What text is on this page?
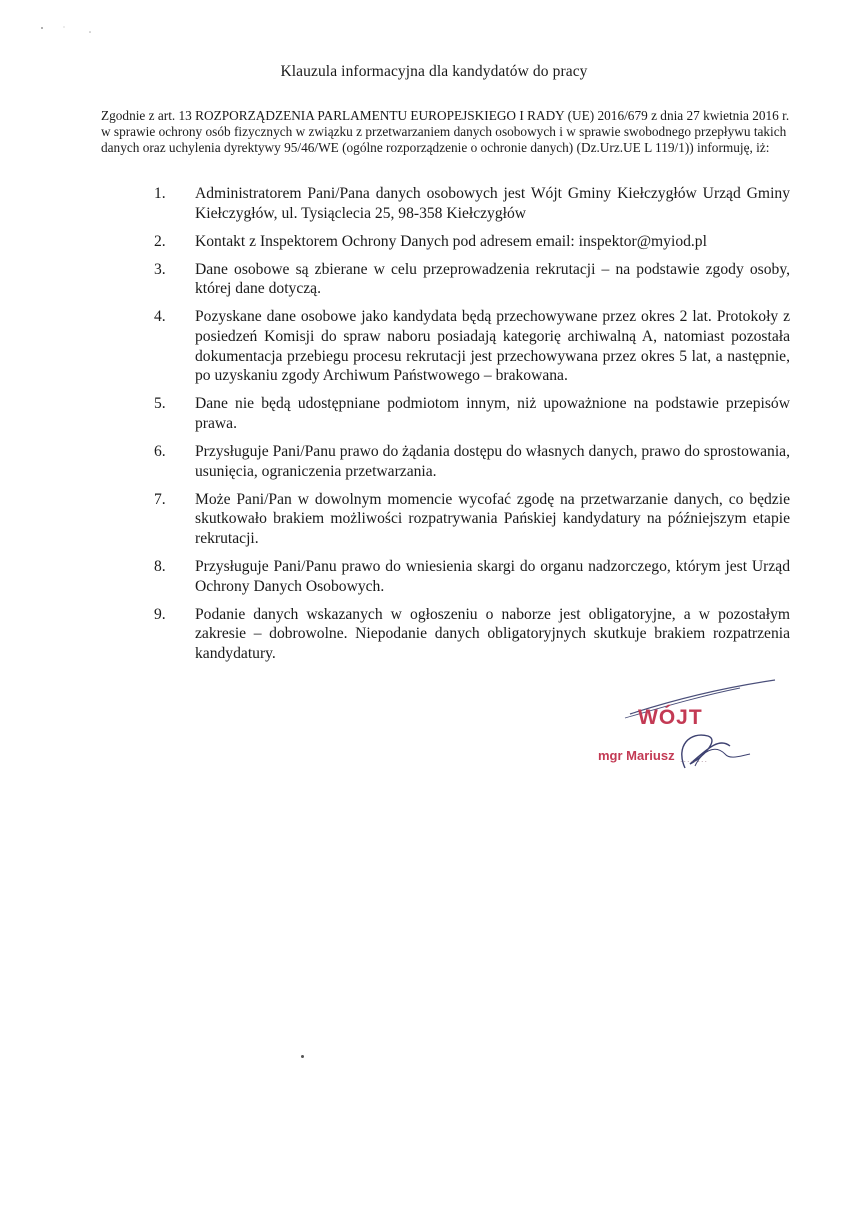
Klauzula informacyjna dla kandydatów do pracy
Zgodnie z art. 13 ROZPORZĄDZENIA PARLAMENTU EUROPEJSKIEGO I RADY (UE) 2016/679 z dnia 27 kwietnia 2016 r. w sprawie ochrony osób fizycznych w związku z przetwarzaniem danych osobowych i w sprawie swobodnego przepływu takich danych oraz uchylenia dyrektywy 95/46/WE (ogólne rozporządzenie o ochronie danych) (Dz.Urz.UE L 119/1)) informuję, iż:
1. Administratorem Pani/Pana danych osobowych jest Wójt Gminy Kiełczygłów Urząd Gminy Kiełczygłów, ul. Tysiąclecia 25, 98-358 Kiełczygłów
2. Kontakt z Inspektorem Ochrony Danych pod adresem email: inspektor@myiod.pl
3. Dane osobowe są zbierane w celu przeprowadzenia rekrutacji – na podstawie zgody osoby, której dane dotyczą.
4. Pozyskane dane osobowe jako kandydata będą przechowywane przez okres 2 lat. Protokoły z posiedzeń Komisji do spraw naboru posiadają kategorię archiwalną A, natomiast pozostała dokumentacja przebiegu procesu rekrutacji jest przechowywana przez okres 5 lat, a następnie, po uzyskaniu zgody Archiwum Państwowego – brakowana.
5. Dane nie będą udostępniane podmiotom innym, niż upoważnione na podstawie przepisów prawa.
6. Przysługuje Pani/Panu prawo do żądania dostępu do własnych danych, prawo do sprostowania, usunięcia, ograniczenia przetwarzania.
7. Może Pani/Pan w dowolnym momencie wycofać zgodę na przetwarzanie danych, co będzie skutkowało brakiem możliwości rozpatrywania Pańskiej kandydatury na późniejszym etapie rekrutacji.
8. Przysługuje Pani/Panu prawo do wniesienia skargi do organu nadzorczego, którym jest Urząd Ochrony Danych Osobowych.
9. Podanie danych wskazanych w ogłoszeniu o naborze jest obligatoryjne, a w pozostałym zakresie – dobrowolne. Niepodanie danych obligatoryjnych skutkuje brakiem rozpatrzenia kandydatury.
........
WÓJT
mgr Mariusz
